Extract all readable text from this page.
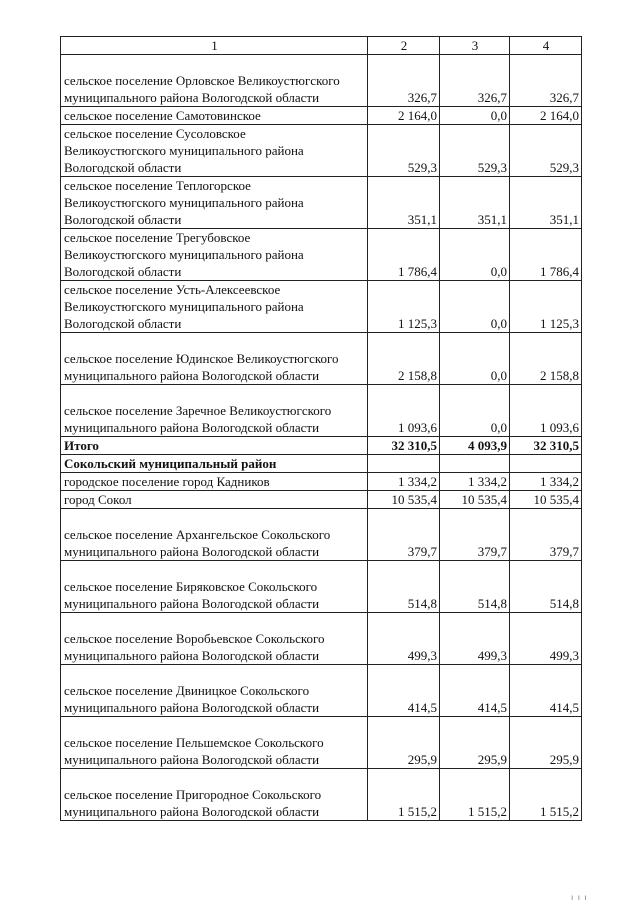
1	2	3	4

сельское поселение Орловское Великоустюгского
муниципального района Вологодской области	326,7	326,7	326,7

сельское поселение Самотовинское	2 164,0	0,0	2 164,0

сельское поселение Сусоловское
Великоустюгского муниципального района
Вологодской области	529,3	529,3	529,3

сельское поселение Теплогорское
Великоустюгского муниципального района
Вологодской области	351,1	351,1	351,1

сельское поселение Трегубовское
Великоустюгского муниципального района
Вологодской области	1 786,4	0,0	1 786,4

сельское поселение Усть-Алексеевское
Великоустюгского муниципального района
Вологодской области	1 125,3	0,0	1 125,3

сельское поселение Юдинское Великоустюгского
муниципального района Вологодской области	2 158,8	0,0	2 158,8

сельское поселение Заречное Великоустюгского
муниципального района Вологодской области	1 093,6	0,0	1 093,6

Итого	32 310,5	4 093,9	32 310,5

Сокольский муниципальный район			

городское поселение город Кадников	1 334,2	1 334,2	1 334,2

город Сокол	10 535,4	10 535,4	10 535,4

сельское поселение Архангельское Сокольского
муниципального района Вологодской области	379,7	379,7	379,7

сельское поселение Биряковское Сокольского
муниципального района Вологодской области	514,8	514,8	514,8

сельское поселение Воробьевское Сокольского
муниципального района Вологодской области	499,3	499,3	499,3

сельское поселение Двиницкое Сокольского
муниципального района Вологодской области	414,5	414,5	414,5

сельское поселение Пельшемское Сокольского
муниципального района Вологодской области	295,9	295,9	295,9

сельское поселение Пригородное Сокольского
муниципального района Вологодской области	1 515,2	1 515,2	1 515,2
ı ı ı
